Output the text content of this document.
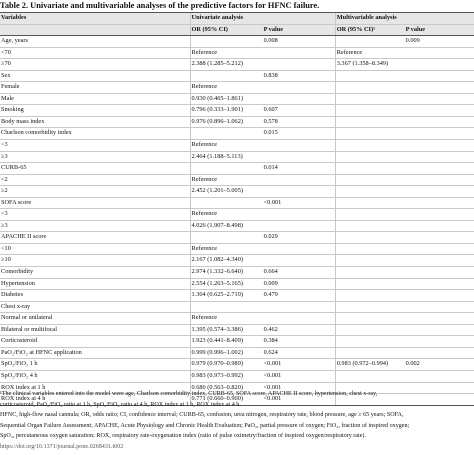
Table 2. Univariate and multivariable analyses of the predictive factors for HFNC failure.
Variables	Univariate analysis		Multivariable analysis	
	OR (95% CI)	P value	OR (95% CI)¹	P value
Age, years		0.008		0.009
<70	Reference		Reference	
≥70	2.388 (1.285–5.212)		3.367 (1.358–8.349)	
Sex		0.838		
Female	Reference			
Male	0.930 (0.465–1.861)			
Smoking	0.796 (0.333–1.901)	0.607		
Body mass index	0.976 (0.896–1.062)	0.578		
Charlson comorbidity index		0.015		
<3	Reference			
≥3	2.464 (1.188–5.113)			
CURB-65		0.014		
<2	Reference			
≥2	2.452 (1.201–5.005)			
SOFA score		<0.001		
<3	Reference			
≥3	4.026 (1.907–8.498)			
APACHE II score		0.029		
<10	Reference			
≥10	2.167 (1.082–4.340)			
Comorbidity	2.974 (1.332–6.640)	0.664		
Hypertension	2.554 (1.263–5.165)	0.009		
Diabetes	1.304 (0.625–2.719)	0.479		
Chest x-ray				
Normal or unilateral	Reference			
Bilateral or multifocal	1.395 (0.574–3.386)	0.462		
Corticosteroid	1.923 (0.441–8.409)	0.384		
PaO₂/FiO₂ at HFNC application	0.999 (0.996–1.002)	0.624		
SpO₂/FiO₂ 1 h	0.979 (0.970–0.989)	<0.001	0.983 (0.972–0.994)	0.002
SpO₂/FiO₂ 4 h	0.983 (0.973–0.992)	<0.001		
ROX index at 1 h	0.680 (0.563–0.820)	<0.001		
ROX index at 4 h	0.771 (0.660–0.900)	<0.001		
¹The clinical variables entered into the model were age, Charlson comorbidity index, CURB-65, SOFA score, APACHE II score, hypertension, chest x-ray,
corticosteroid, PaO₂/FiO₂ ratio at 1 h, SpO₂/FiO₂ ratio at 4 h, ROX index at 1 h, ROX index at 4 h.
HFNC, high-flow nasal cannula; OR, odds ratio; CI, confidence interval; CURB-65, confusion, urea nitrogen, respiratory rate, blood pressure, age ≥ 65 years; SOFA,
Sequential Organ Failure Assessment; APACHE, Acute Physiology and Chronic Health Evaluation; PaO₂, partial pressure of oxygen; FiO₂, fraction of inspired oxygen;
SpO₂, percutaneous oxygen saturation; ROX, respiratory rate-oxygenation index (ratio of pulse oximetry/fraction of inspired oxygen/respiratory rate).
https://doi.org/10.1371/journal.pone.0268431.t002
